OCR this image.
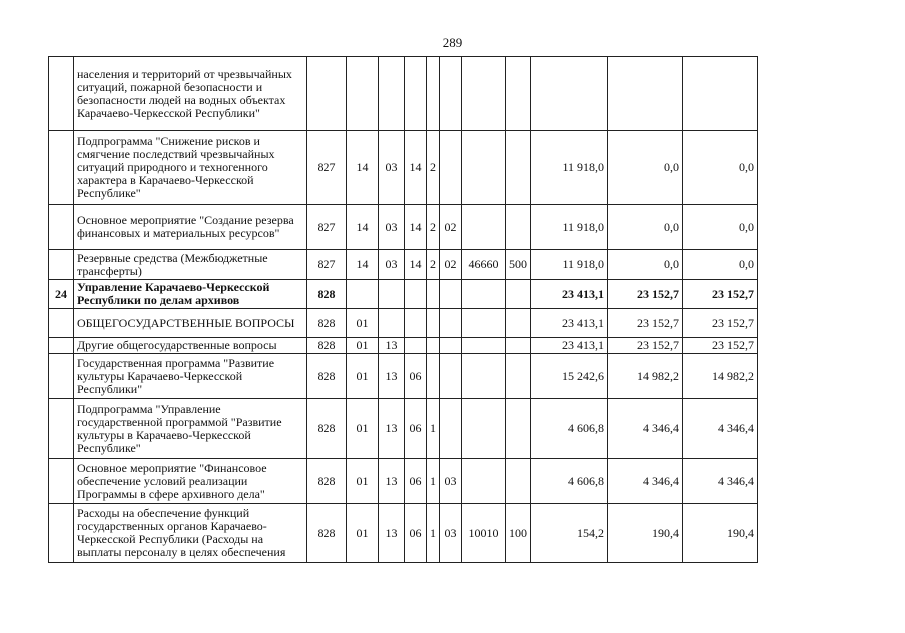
289
	населения и территорий от чрезвычайных ситуаций, пожарной безопасности и безопасности людей на водных объектах Карачаево-Черкесской Республики"											
	Подпрограмма "Снижение рисков и смягчение последствий чрезвычайных ситуаций природного и техногенного характера в Карачаево-Черкесской Республике"	827	14	03	14	2				11 918,0	0,0	0,0
	Основное мероприятие "Создание резерва финансовых и материальных ресурсов"	827	14	03	14	2	02			11 918,0	0,0	0,0
	Резервные средства (Межбюджетные трансферты)	827	14	03	14	2	02	46660	500	11 918,0	0,0	0,0
24	Управление Карачаево-Черкесской Республики по делам архивов	828								23 413,1	23 152,7	23 152,7
	ОБЩЕГОСУДАРСТВЕННЫЕ ВОПРОСЫ	828	01							23 413,1	23 152,7	23 152,7
	Другие общегосударственные вопросы	828	01	13						23 413,1	23 152,7	23 152,7
	Государственная программа "Развитие культуры Карачаево-Черкесской Республики"	828	01	13	06					15 242,6	14 982,2	14 982,2
	Подпрограмма "Управление государственной программой "Развитие культуры в Карачаево-Черкесской Республике"	828	01	13	06	1				4 606,8	4 346,4	4 346,4
	Основное мероприятие "Финансовое обеспечение условий реализации Программы в сфере архивного дела"	828	01	13	06	1	03			4 606,8	4 346,4	4 346,4
	Расходы на обеспечение функций государственных органов Карачаево-Черкесской Республики (Расходы на выплаты персоналу в целях обеспечения	828	01	13	06	1	03	10010	100	154,2	190,4	190,4
